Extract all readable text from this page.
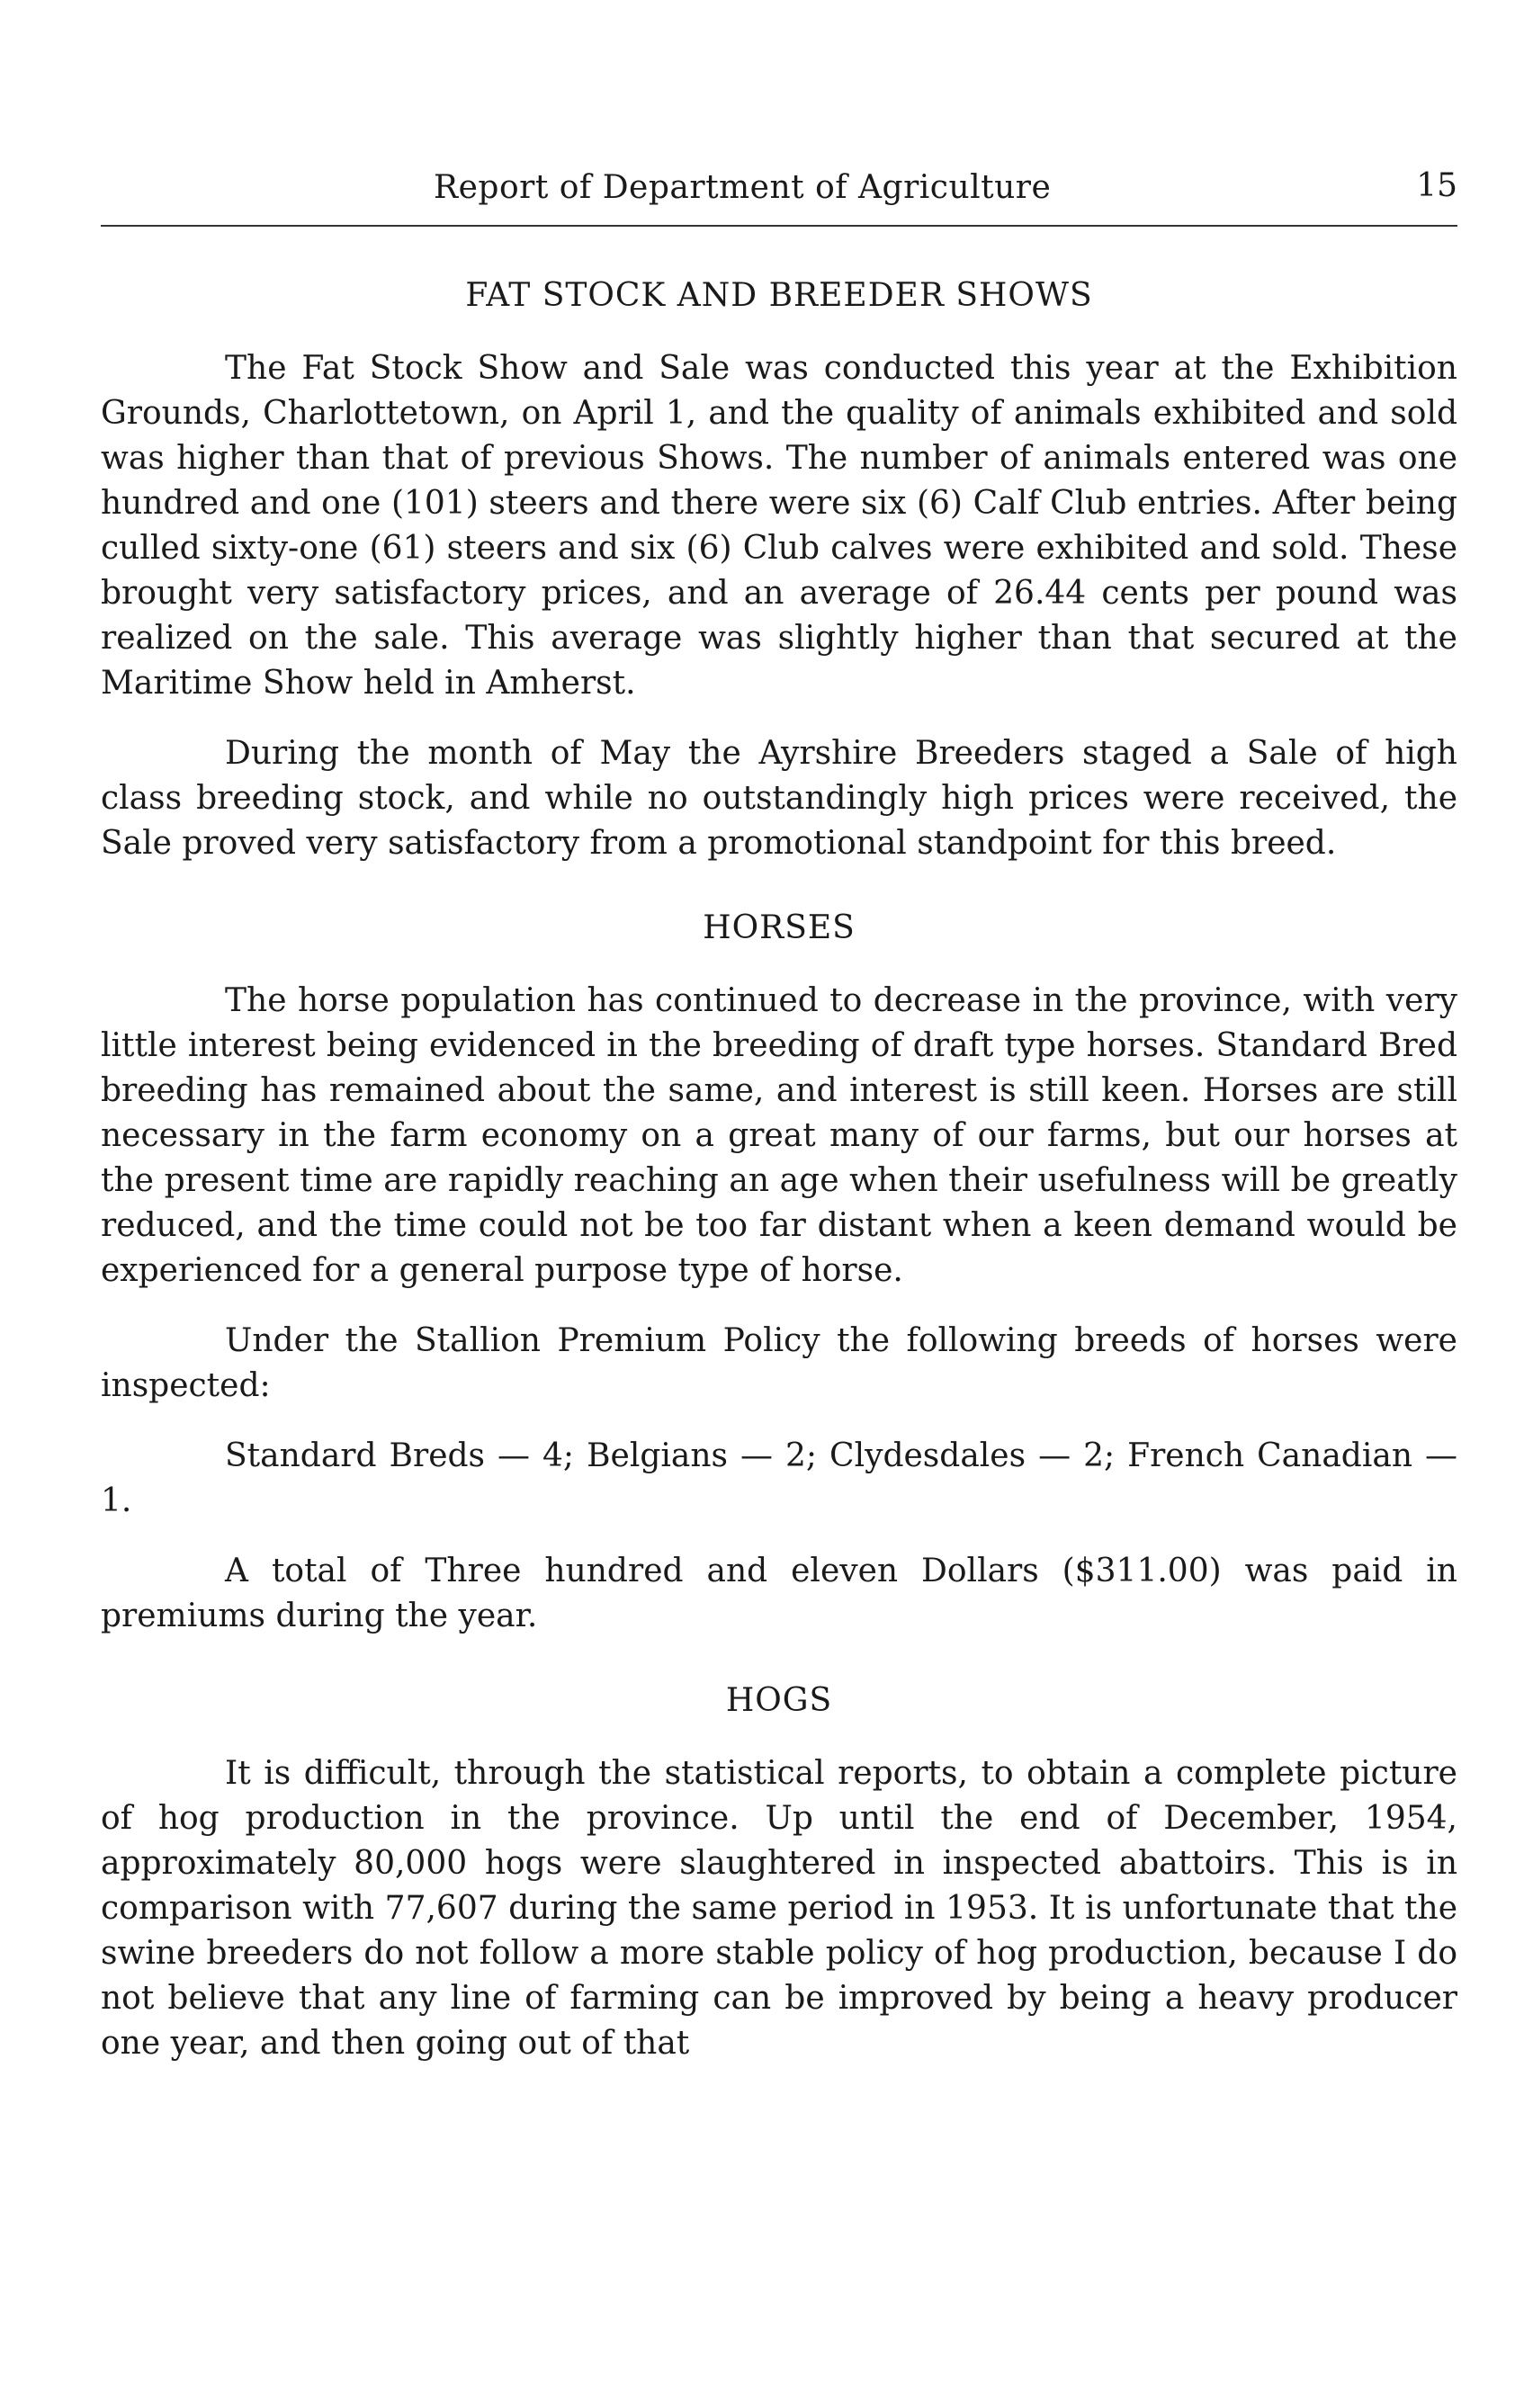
Report of Department of Agriculture	15
FAT STOCK AND BREEDER SHOWS

The Fat Stock Show and Sale was conducted this year at the Exhibition Grounds, Charlottetown, on April 1, and the quality of animals exhibited and sold was higher than that of previous Shows. The number of animals entered was one hundred and one (101) steers and there were six (6) Calf Club entries. After being culled sixty-one (61) steers and six (6) Club calves were exhibited and sold. These brought very satisfactory prices, and an average of 26.44 cents per pound was realized on the sale. This average was slightly higher than that secured at the Maritime Show held in Amherst.

During the month of May the Ayrshire Breeders staged a Sale of high class breeding stock, and while no outstandingly high prices were received, the Sale proved very satisfactory from a promotional standpoint for this breed.

HORSES

The horse population has continued to decrease in the province, with very little interest being evidenced in the breeding of draft type horses. Standard Bred breeding has remained about the same, and interest is still keen. Horses are still necessary in the farm economy on a great many of our farms, but our horses at the present time are rapidly reaching an age when their usefulness will be greatly reduced, and the time could not be too far distant when a keen demand would be experienced for a general purpose type of horse.

Under the Stallion Premium Policy the following breeds of horses were inspected:

Standard Breds — 4; Belgians — 2; Clydesdales — 2; French Canadian — 1.

A total of Three hundred and eleven Dollars ($311.00) was paid in premiums during the year.

HOGS

It is difficult, through the statistical reports, to obtain a complete picture of hog production in the province. Up until the end of December, 1954, approximately 80,000 hogs were slaughtered in inspected abattoirs. This is in comparison with 77,607 during the same period in 1953. It is unfortunate that the swine breeders do not follow a more stable policy of hog production, because I do not believe that any line of farming can be improved by being a heavy producer one year, and then going out of that
